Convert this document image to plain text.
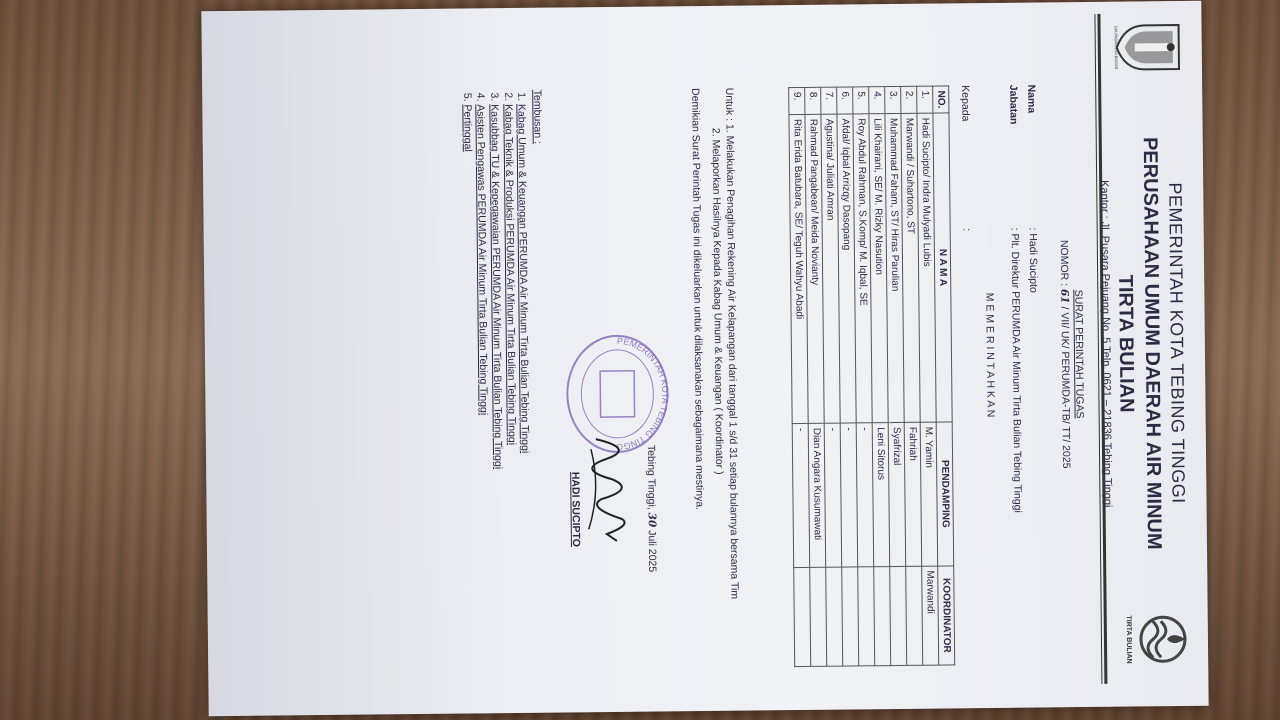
DIA PADAN DIA BAGAS
PEMERINTAH KOTA TEBING TINGGI
PERUSAHAAN UMUM DAERAH AIR MINUM
TIRTA BULIAN
Kantor : Jl. Pusara Pejuang No. 5 Telp. 0621 – 21836 Tebing Tinggi
TIRTA BULIAN
SURAT PERINTAH TUGAS
NOMOR : 61 / VII/ UK/ PERUMDA-TB/ TT/ 2025
Nama : Hadi Sucipto
Jabatan : Plt. Direktur PERUMDA Air Minum Tirta Bulian Tebing Tinggi
M E M E R I N T A H K A N
Kepada :
NO.	N A M A	PENDAMPING	KOORDINATOR
1.	Hadi Sucipto/ Indra Mulyadi Lubis	M. Yamin	Marwandi
2.	Marwandi / Suhartono, ST	Fahriah	
3.	Muhammad Faham, ST/ Hiras Parulian	Syafrizal	
4.	Lili Khairani, SE/ M. Rizky Nasution	Leni Sitorus	
5.	Roy Abdul Rahman, S.Komp/ M. Iqbal, SE	-	
6.	Afdal/ Iqbal Arrizqy Dasopang	-	
7.	Agustina/ Juliati Amran	-	
8.	Rahmad Pangabean/ Meida Novianty	Dian Angara Kusumawati	
9.	Rita Erida Batubara, SE/ Teguh Wahyu Abadi	-	
Untuk : 1. Melakukan Penagihan Rekening Air Kelapangan dari tanggal 1 s/d 31 setiap bulannya bersama Tim
2. Melaporkan Hasilnya Kepada Kabag Umum & Keuangan ( Koordinator )
Demikian Surat Perintah Tugas ini dikeluarkan untuk dilaksanakan sebagaimana mestinya.
PEMERINTAH KOTA TEBING TINGGI
Tebing Tinggi, 30 Juli 2025
HADI SUCIPTO
Tembusan :
1. Kabag Umum & Keuangan PERUMDA Air Minum Tirta Bulian Tebing Tinggi
2. Kabag Teknik & Produksi PERUMDA Air Minum Tirta Bulian Tebing Tinggi
3. Kasubbag TU & Kepegawaian PERUMDA Air Minum Tirta Bulian Tebing Tinggi
4. Asisten Pengawas PERUMDA Air Minum Tirta Bulian Tebing Tinggi
5. Pertinggal
